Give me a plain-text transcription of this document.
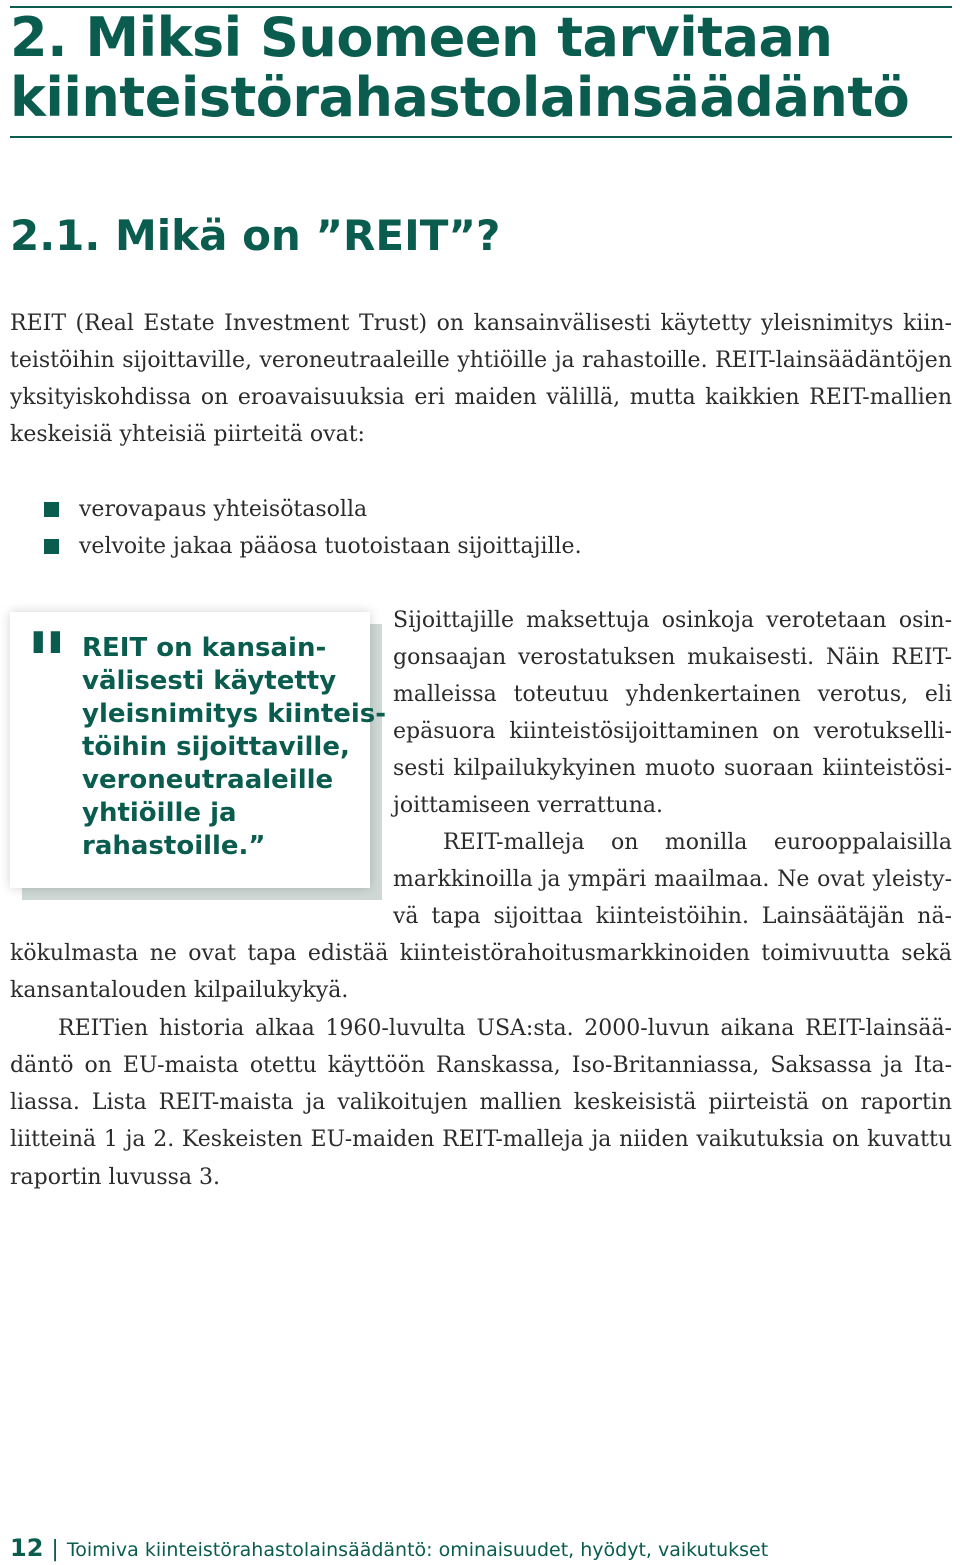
2. Miksi Suomeen tarvitaan
kiinteistörahastolainsäädäntö
2.1. Mikä on ”REIT”?
REIT (Real Estate Investment Trust) on kansainvälisesti käytetty yleisnimitys kiin-
teistöihin sijoittaville, veroneutraaleille yhtiöille ja rahastoille. REIT-lainsäädäntöjen
yksityiskohdissa on eroavaisuuksia eri maiden välillä, mutta kaikkien REIT-mallien
keskeisiä yhteisiä piirteitä ovat:
verovapaus yhteisötasolla
velvoite jakaa pääosa tuotoistaan sijoittajille.
" REIT on kansain-
välisesti käytetty
yleisnimitys kiinteis-
töihin sijoittaville,
veroneutraaleille
yhtiöille ja
rahastoille.”
Sijoittajille maksettuja osinkoja verotetaan osin-
gonsaajan verostatuksen mukaisesti. Näin REIT-
malleissa toteutuu yhdenkertainen verotus, eli
epäsuora kiinteistösijoittaminen on verotukselli-
sesti kilpailukykyinen muoto suoraan kiinteistösi-
joittamiseen verrattuna.
REIT-malleja on monilla eurooppalaisilla
markkinoilla ja ympäri maailmaa. Ne ovat yleisty-
vä tapa sijoittaa kiinteistöihin. Lainsäätäjän nä-
kökulmasta ne ovat tapa edistää kiinteistörahoitusmarkkinoiden toimivuutta sekä
kansantalouden kilpailukykyä.
REITien historia alkaa 1960-luvulta USA:sta. 2000-luvun aikana REIT-lainsää-
däntö on EU-maista otettu käyttöön Ranskassa, Iso-Britanniassa, Saksassa ja Ita-
liassa. Lista REIT-maista ja valikoitujen mallien keskeisistä piirteistä on raportin
liitteinä 1 ja 2. Keskeisten EU-maiden REIT-malleja ja niiden vaikutuksia on kuvattu
raportin luvussa 3.
12 | Toimiva kiinteistörahastolainsäädäntö: ominaisuudet, hyödyt, vaikutukset
